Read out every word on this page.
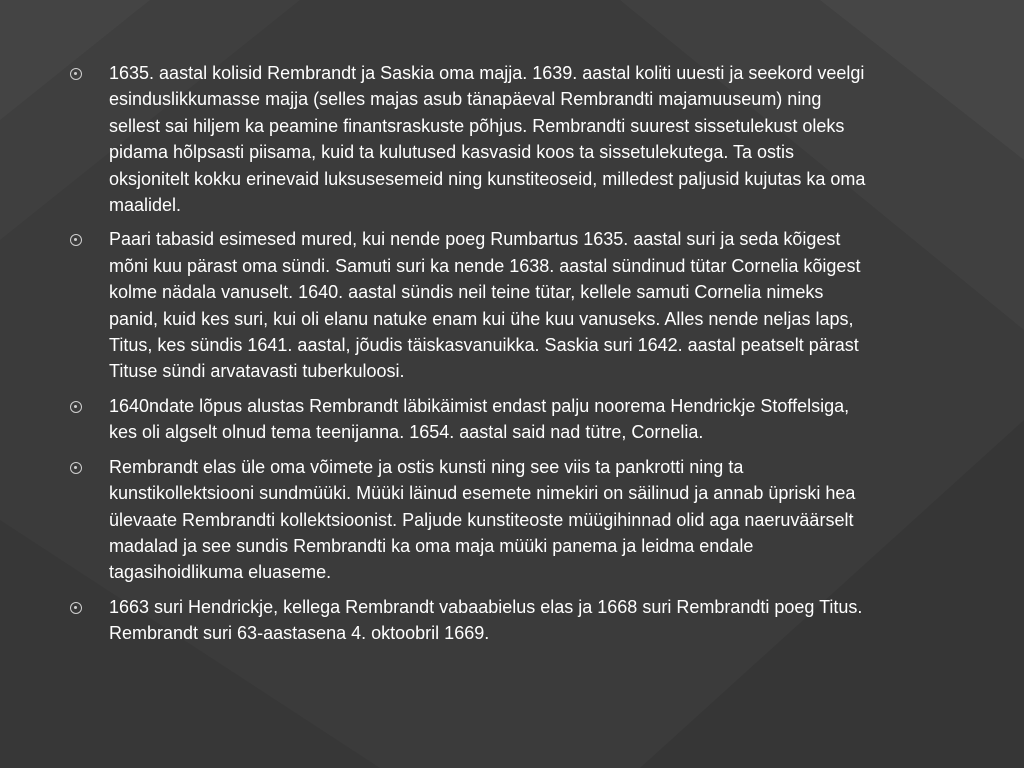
1635. aastal kolisid Rembrandt ja Saskia oma majja. 1639. aastal koliti uuesti ja seekord veelgi esinduslikkumasse majja (selles majas asub tänapäeval Rembrandti majamuuseum) ning sellest sai hiljem ka peamine finantsraskuste põhjus. Rembrandti suurest sissetulekust oleks pidama hõlpsasti piisama, kuid ta kulutused kasvasid koos ta sissetulekutega. Ta ostis oksjonitelt kokku erinevaid luksusesemeid ning kunstiteoseid, milledest paljusid kujutas ka oma maalidel.
Paari tabasid esimesed mured, kui nende poeg Rumbartus 1635. aastal suri ja seda kõigest mõni kuu pärast oma sündi. Samuti suri ka nende 1638. aastal sündinud tütar Cornelia kõigest kolme nädala vanuselt. 1640. aastal sündis neil teine tütar, kellele samuti Cornelia nimeks panid, kuid kes suri, kui oli elanu natuke enam kui ühe kuu vanuseks. Alles nende neljas laps, Titus, kes sündis 1641. aastal, jõudis täiskasvanuikka. Saskia suri 1642. aastal peatselt pärast Tituse sündi arvatavasti tuberkuloosi.
1640ndate lõpus alustas Rembrandt läbikäimist endast palju noorema Hendrickje Stoffelsiga, kes oli algselt olnud tema teenijanna. 1654. aastal said nad tütre, Cornelia.
Rembrandt elas üle oma võimete ja ostis kunsti ning see viis ta pankrotti ning ta kunstikollektsiooni sundmüüki. Müüki läinud esemete nimekiri on säilinud ja annab üpriski hea ülevaate Rembrandti kollektsioonist. Paljude kunstiteoste müügihinnad olid aga naeruväärselt madalad ja see sundis Rembrandti ka oma maja müüki panema ja leidma endale tagasihoidlikuma eluaseme.
1663 suri Hendrickje, kellega Rembrandt vabaabielus elas ja 1668 suri Rembrandti poeg Titus. Rembrandt suri 63-aastasena 4. oktoobril 1669.
